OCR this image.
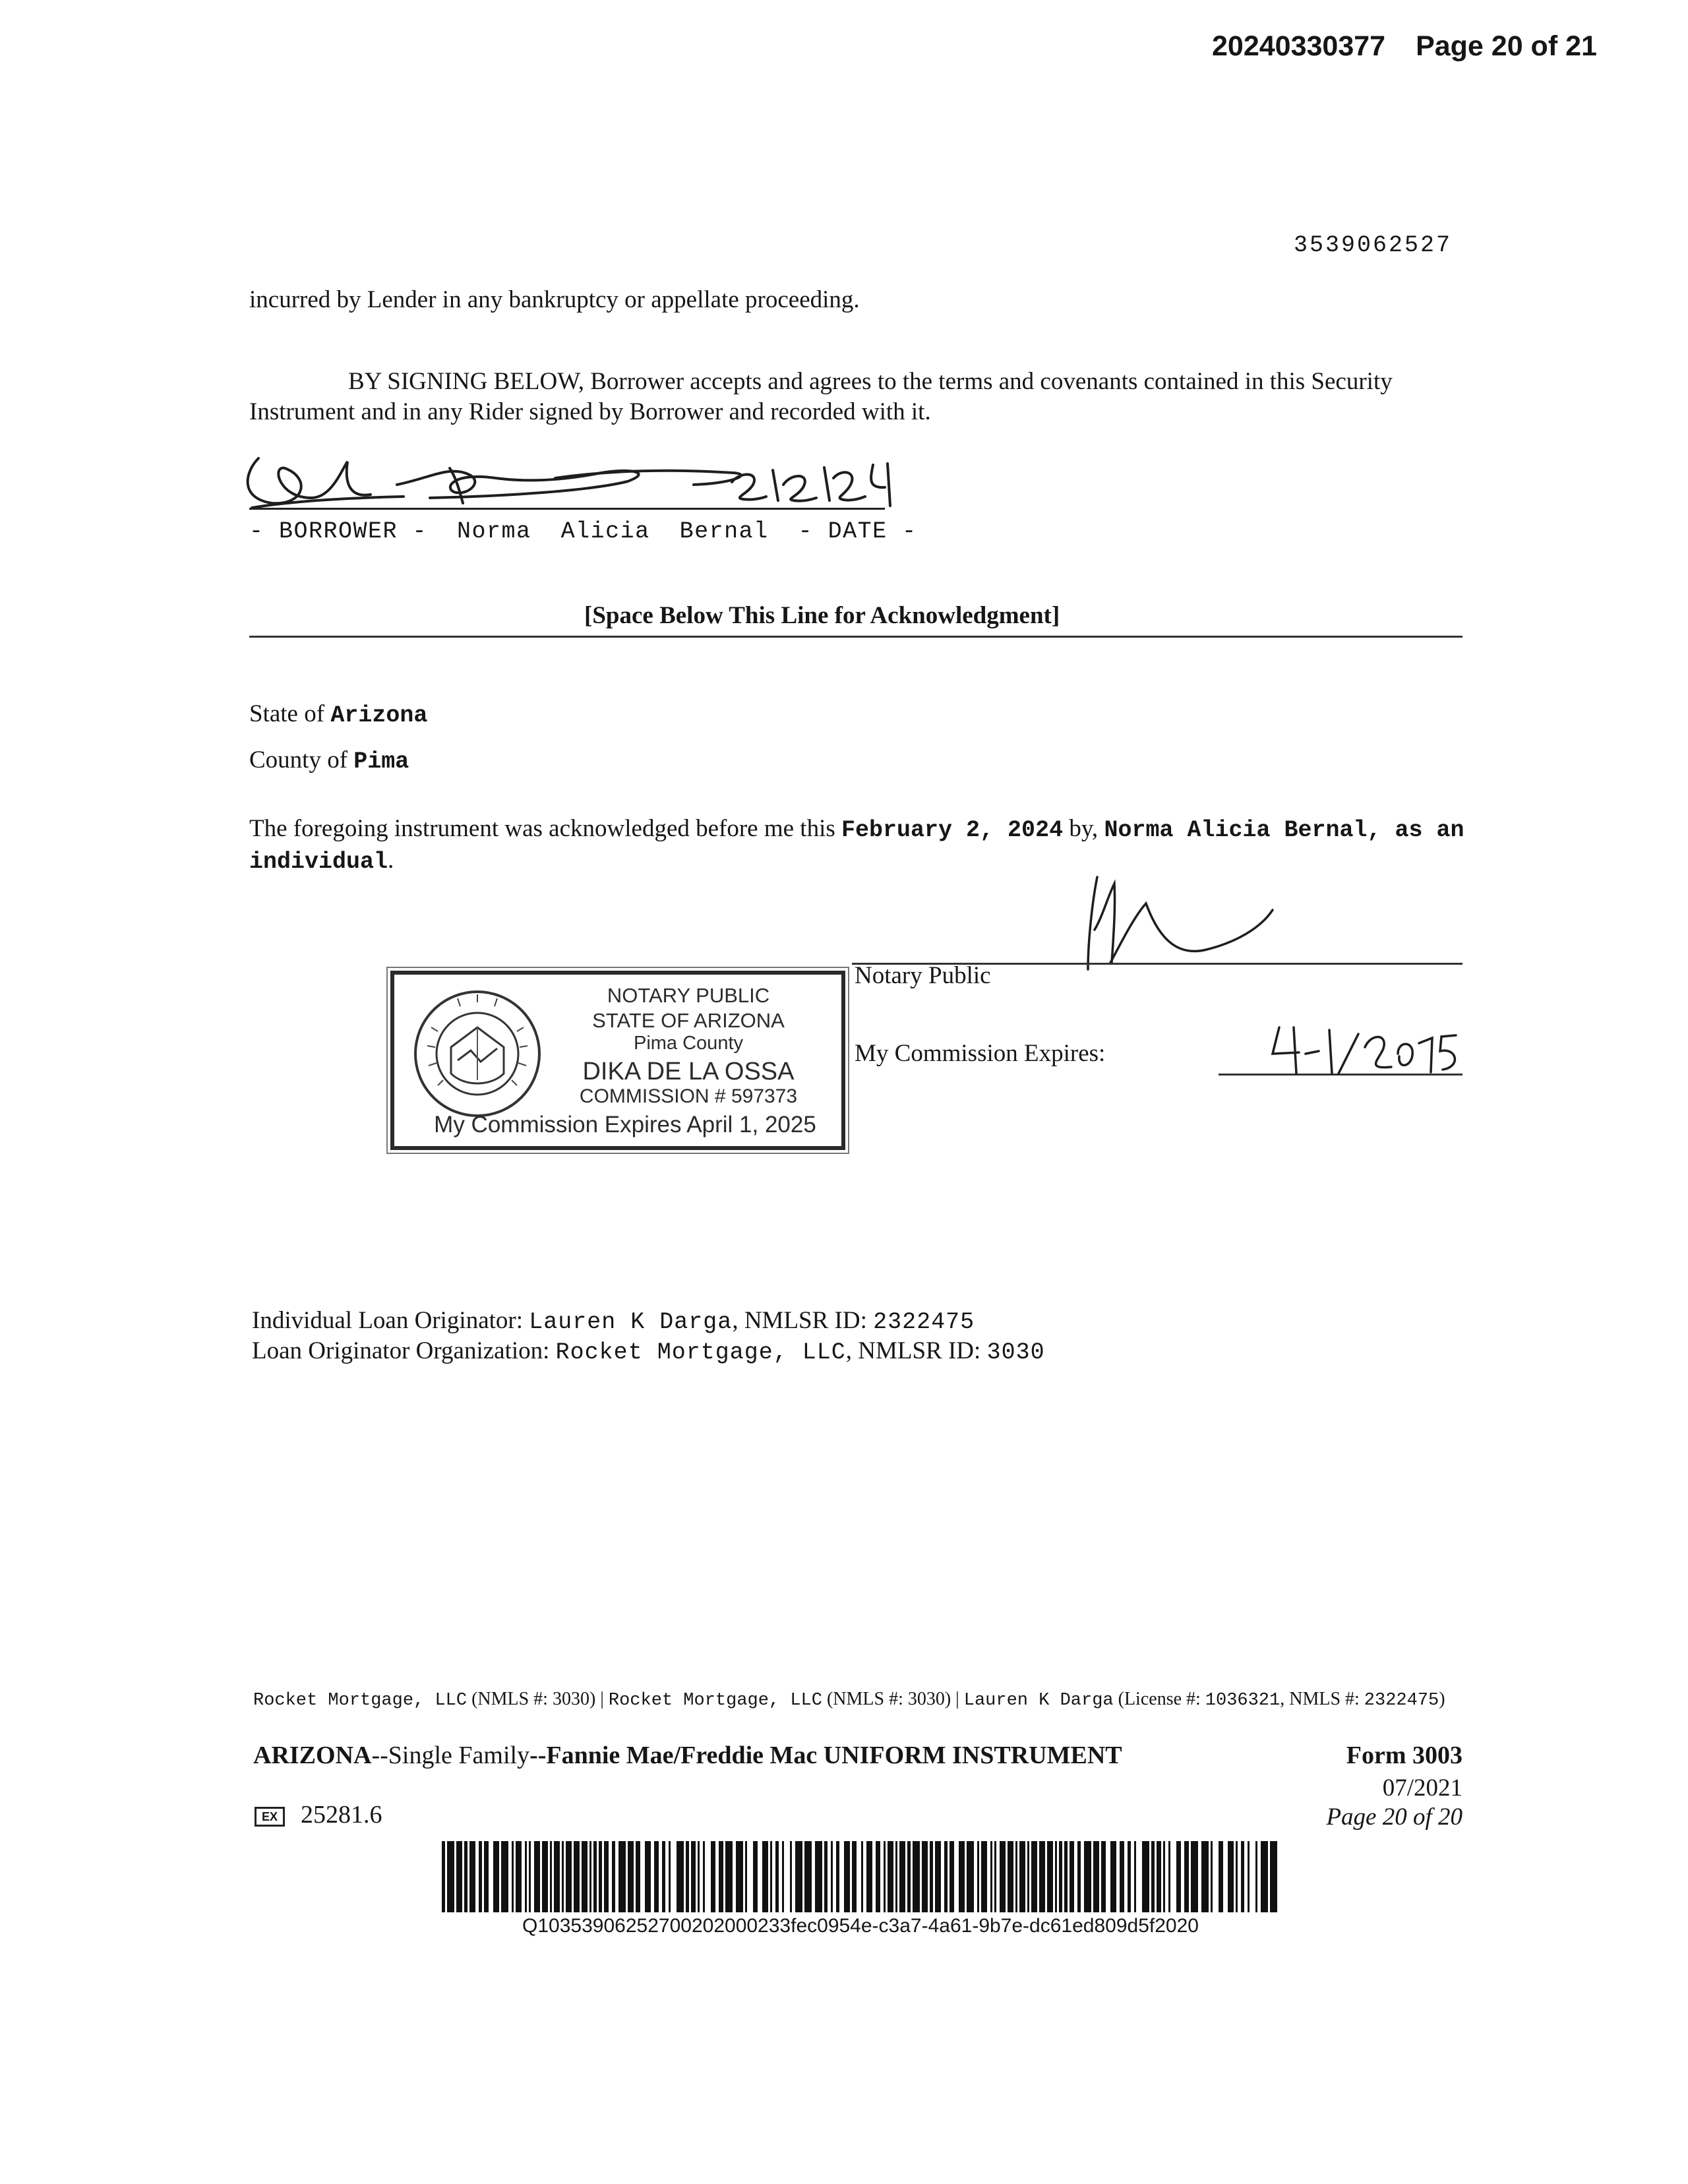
20240330377 Page 20 of 21
3539062527
incurred by Lender in any bankruptcy or appellate proceeding.
BY SIGNING BELOW, Borrower accepts and agrees to the terms and covenants contained in this Security Instrument and in any Rider signed by Borrower and recorded with it.
- BORROWER -  Norma  Alicia  Bernal  - DATE -
[Space Below This Line for Acknowledgment]
State of Arizona
County of Pima
The foregoing instrument was acknowledged before me this February 2, 2024 by, Norma Alicia Bernal, as an individual.
Notary Public
My Commission Expires:
NOTARY PUBLIC
STATE OF ARIZONA
Pima County
DIKA DE LA OSSA
COMMISSION # 597373
My Commission Expires April 1, 2025
Individual Loan Originator: Lauren K Darga, NMLSR ID: 2322475
Loan Originator Organization: Rocket Mortgage, LLC, NMLSR ID: 3030
Rocket Mortgage, LLC (NMLS #: 3030) | Rocket Mortgage, LLC (NMLS #: 3030) | Lauren K Darga (License #: 1036321, NMLS #: 2322475)
ARIZONA--Single Family--Fannie Mae/Freddie Mac UNIFORM INSTRUMENT	Form 3003
07/2021
Page 20 of 20
EX 25281.6
Q10353906252700202000233fec0954e-c3a7-4a61-9b7e-dc61ed809d5f2020
